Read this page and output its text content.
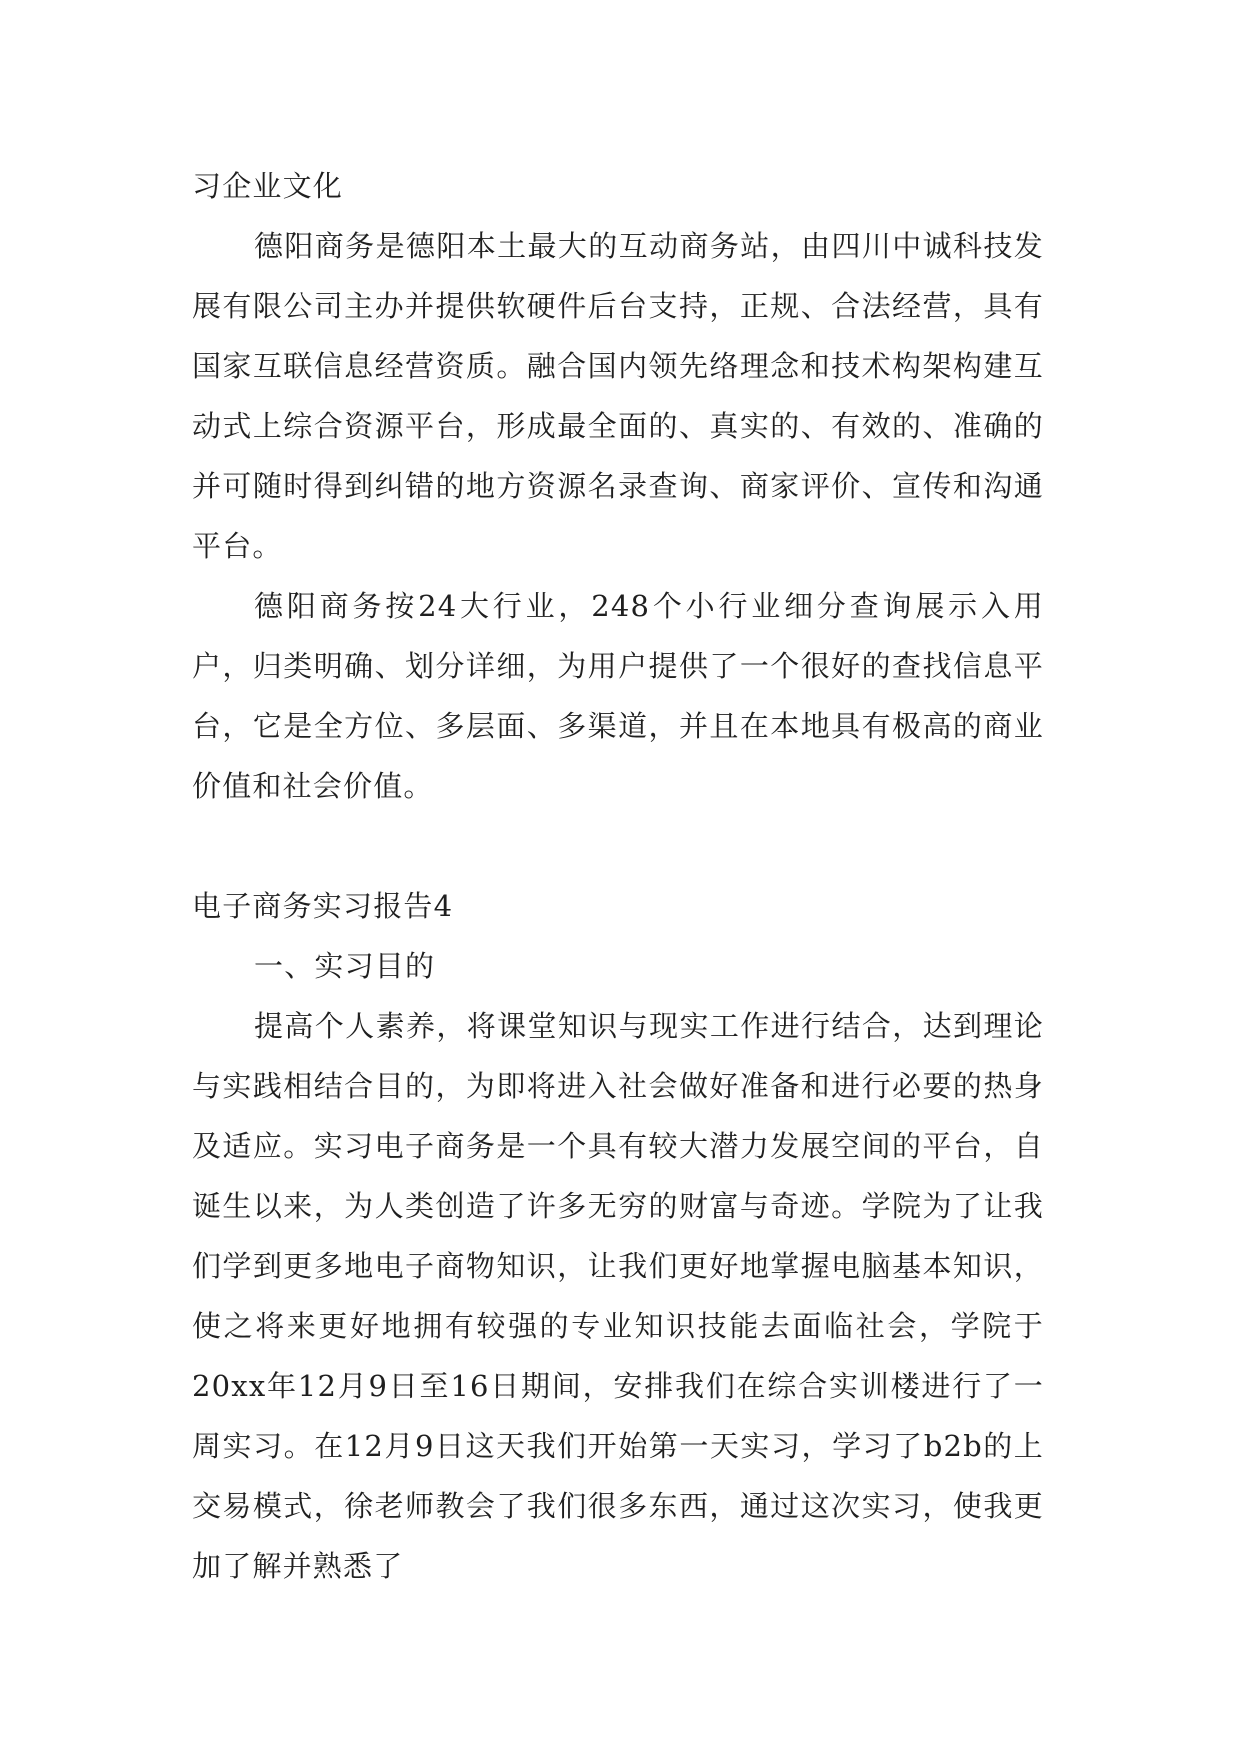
习企业文化

德阳商务是德阳本土最大的互动商务站，由四川中诚科技发展有限公司主办并提供软硬件后台支持，正规、合法经营，具有国家互联信息经营资质。融合国内领先络理念和技术构架构建互动式上综合资源平台，形成最全面的、真实的、有效的、准确的并可随时得到纠错的地方资源名录查询、商家评价、宣传和沟通平台。

德阳商务按24大行业，248个小行业细分查询展示入用户，归类明确、划分详细，为用户提供了一个很好的查找信息平台，它是全方位、多层面、多渠道，并且在本地具有极高的商业价值和社会价值。

电子商务实习报告4

一、实习目的

提高个人素养，将课堂知识与现实工作进行结合，达到理论与实践相结合目的，为即将进入社会做好准备和进行必要的热身及适应。实习电子商务是一个具有较大潜力发展空间的平台，自诞生以来，为人类创造了许多无穷的财富与奇迹。学院为了让我们学到更多地电子商物知识，让我们更好地掌握电脑基本知识，使之将来更好地拥有较强的专业知识技能去面临社会，学院于20xx年12月9日至16日期间，安排我们在综合实训楼进行了一周实习。在12月9日这天我们开始第一天实习，学习了b2b的上交易模式，徐老师教会了我们很多东西，通过这次实习，使我更加了解并熟悉了
